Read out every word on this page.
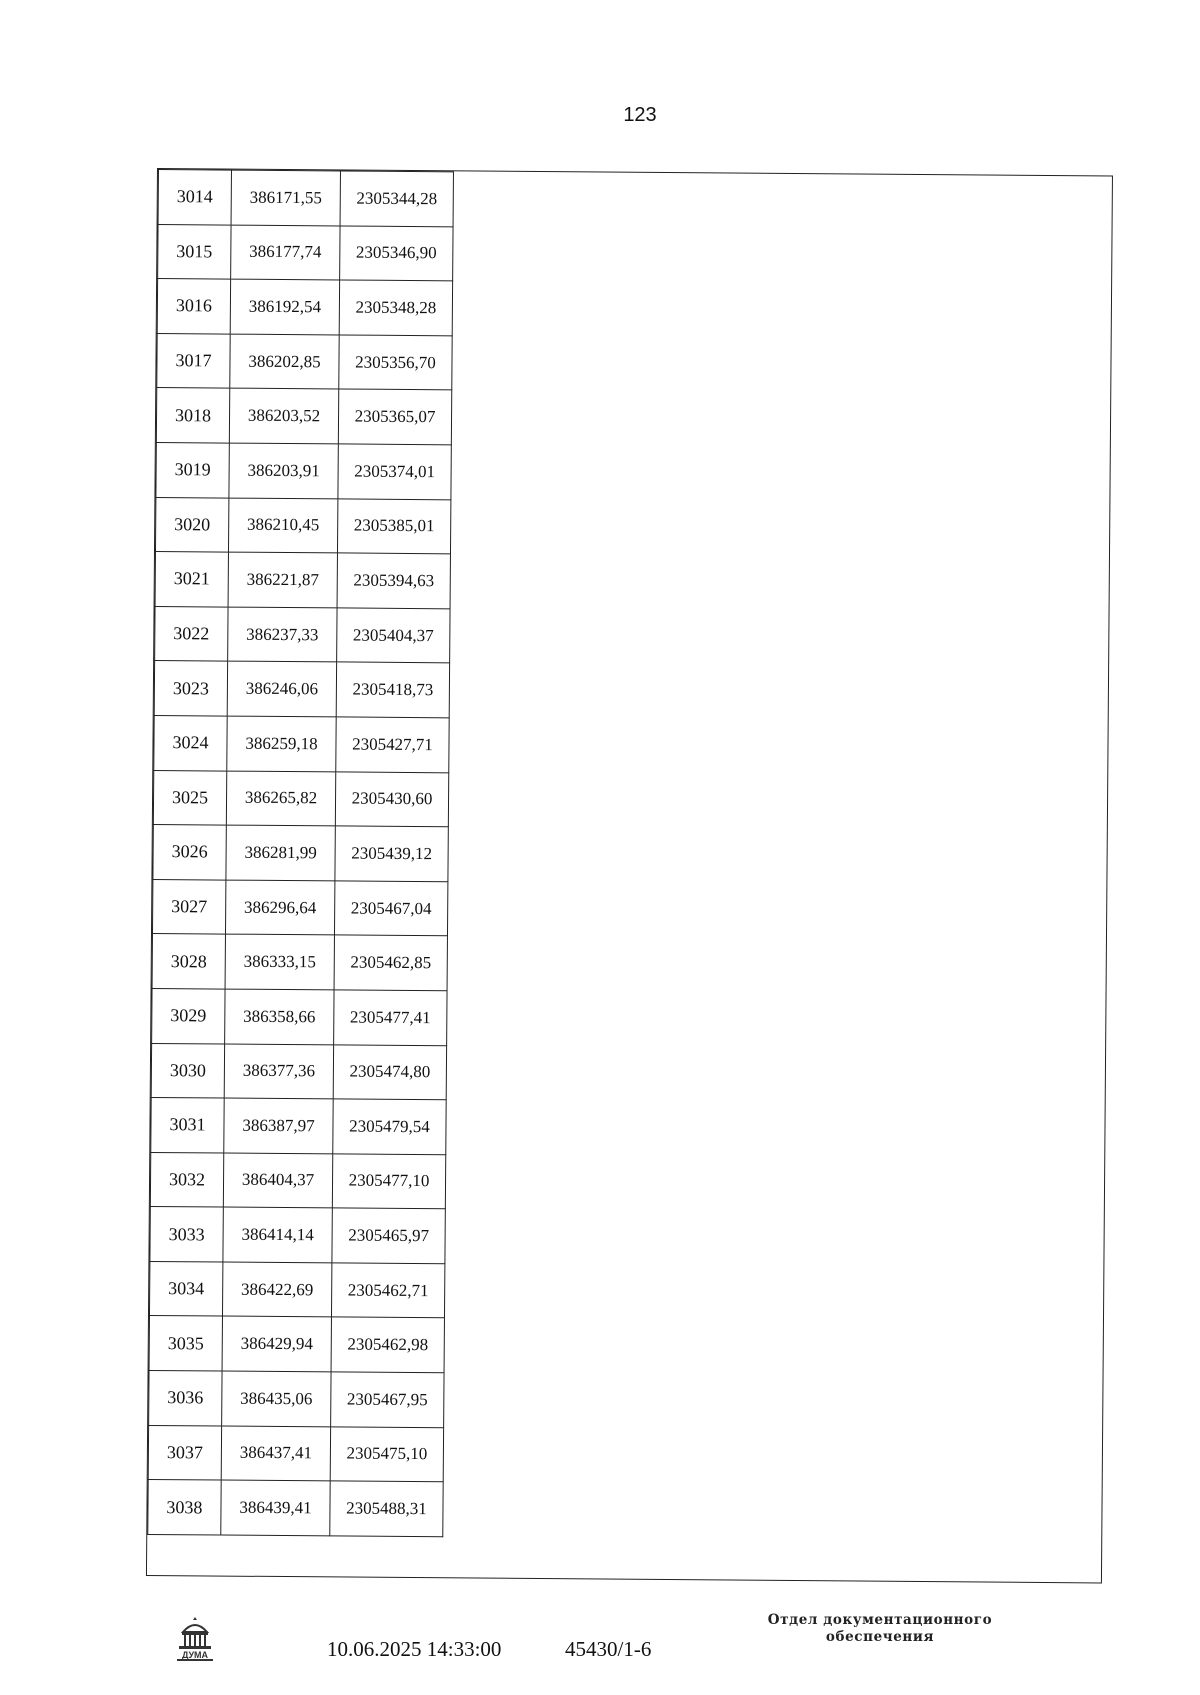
123
3014	386171,55	2305344,28
3015	386177,74	2305346,90
3016	386192,54	2305348,28
3017	386202,85	2305356,70
3018	386203,52	2305365,07
3019	386203,91	2305374,01
3020	386210,45	2305385,01
3021	386221,87	2305394,63
3022	386237,33	2305404,37
3023	386246,06	2305418,73
3024	386259,18	2305427,71
3025	386265,82	2305430,60
3026	386281,99	2305439,12
3027	386296,64	2305467,04
3028	386333,15	2305462,85
3029	386358,66	2305477,41
3030	386377,36	2305474,80
3031	386387,97	2305479,54
3032	386404,37	2305477,10
3033	386414,14	2305465,97
3034	386422,69	2305462,71
3035	386429,94	2305462,98
3036	386435,06	2305467,95
3037	386437,41	2305475,10
3038	386439,41	2305488,31
ДУМА	10.06.2025 14:33:00	45430/1-6
Отдел документационного
обеспечения
